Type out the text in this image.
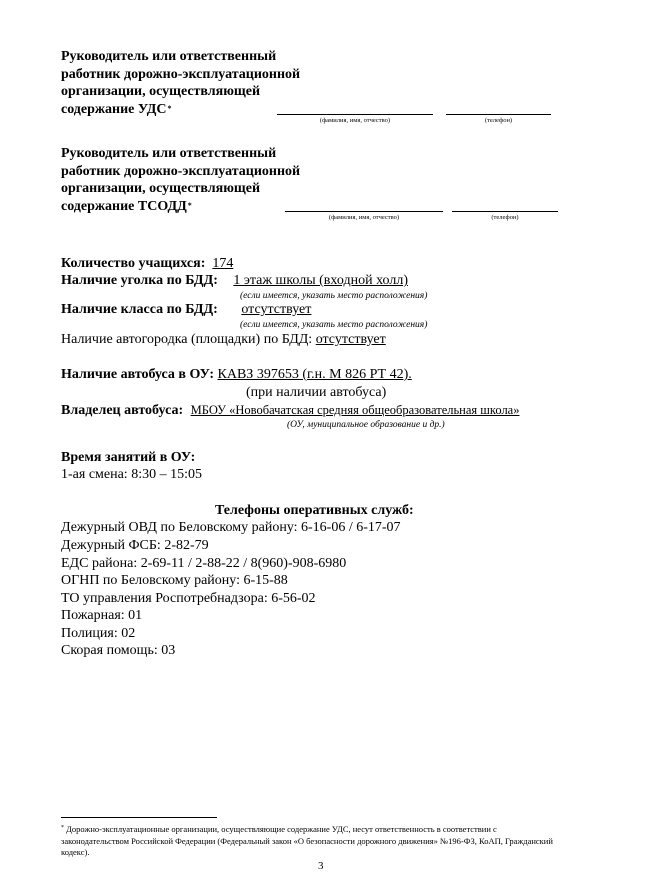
Руководитель или ответственный
работник дорожно-эксплуатационной
организации, осуществляющей
содержание УДС*
(фамилия, имя, отчество)	(телефон)
Руководитель или ответственный
работник дорожно-эксплуатационной
организации, осуществляющей
содержание ТСОДД*
(фамилия, имя, отчество)	(телефон)
Количество учащихся: 174
Наличие уголка по БДД: 1 этаж школы (входной холл)
(если имеется, указать место расположения)
Наличие класса по БДД: отсутствует
(если имеется, указать место расположения)
Наличие автогородка (площадки) по БДД: отсутствует
Наличие автобуса в ОУ: КАВЗ 397653 (г.н. М 826 РТ 42).
(при наличии автобуса)
Владелец автобуса: МБОУ «Новобачатская средняя общеобразовательная школа»
(ОУ, муниципальное образование и др.)
Время занятий в ОУ:
1-ая смена: 8:30 – 15:05
Телефоны оперативных служб:
Дежурный ОВД по Беловскому району: 6-16-06 / 6-17-07
Дежурный ФСБ: 2-82-79
ЕДС района: 2-69-11 / 2-88-22 / 8(960)-908-6980
ОГНП по Беловскому району: 6-15-88
ТО управления Роспотребнадзора: 6-56-02
Пожарная: 01
Полиция: 02
Скорая помощь: 03
* Дорожно-эксплуатационные организации, осуществляющие содержание УДС, несут ответственность в соответствии с законодательством Российской Федерации (Федеральный закон «О безопасности дорожного движения» №196-ФЗ, КоАП, Гражданский кодекс).
3
